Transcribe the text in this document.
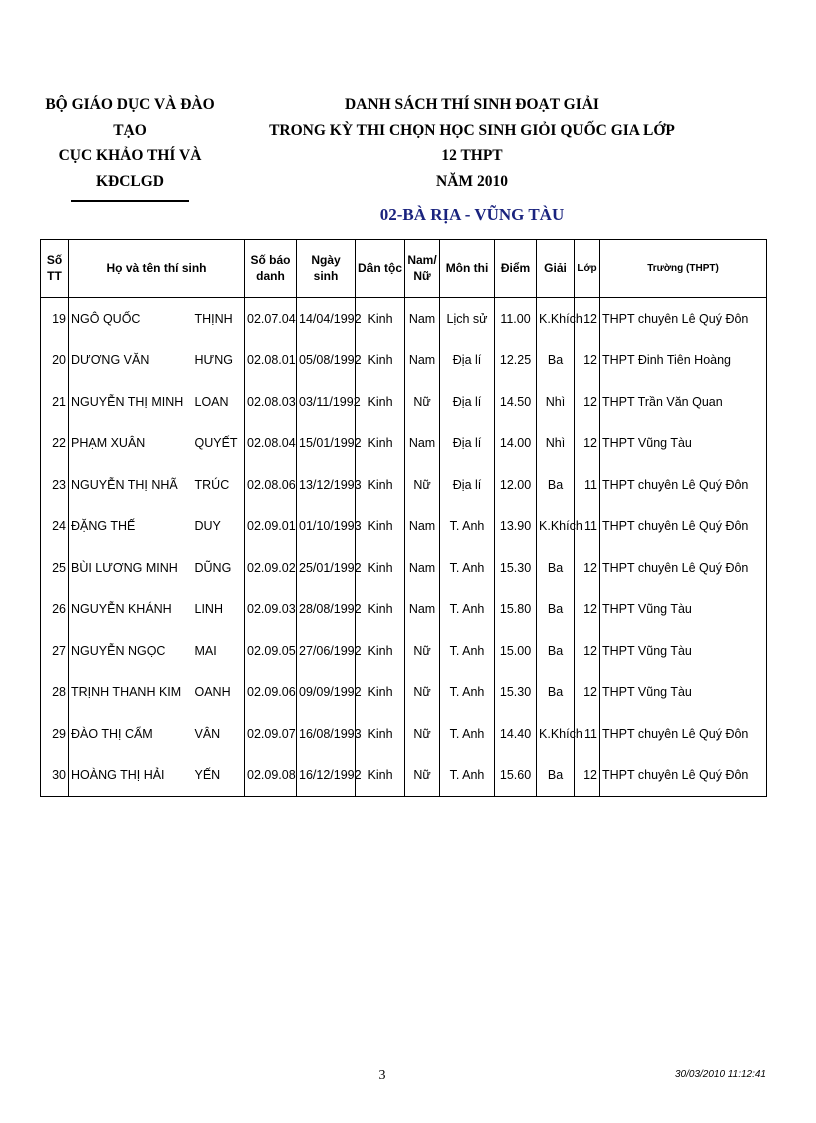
BỘ GIÁO DỤC VÀ ĐÀO TẠO
CỤC KHẢO THÍ VÀ KĐCLGD
DANH SÁCH THÍ SINH ĐOẠT GIẢI
TRONG KỲ THI CHỌN HỌC SINH GIỎI QUỐC GIA LỚP 12 THPT
NĂM 2010
02-BÀ RỊA - VŨNG TÀU
Số TT	Họ và tên thí sinh		Số báo danh	Ngày sinh	Dân tộc	Nam/ Nữ	Môn thi	Điểm	Giải	Lớp	Trường (THPT)
19	NGÔ QUỐC	THỊNH	02.07.04	14/04/1992	Kinh	Nam	Lịch sử	11.00	K.Khích	12	THPT chuyên Lê Quý Đôn
20	DƯƠNG VĂN	HƯNG	02.08.01	05/08/1992	Kinh	Nam	Địa lí	12.25	Ba	12	THPT Đinh Tiên Hoàng
21	NGUYỄN THỊ MINH	LOAN	02.08.03	03/11/1992	Kinh	Nữ	Địa lí	14.50	Nhì	12	THPT Trần Văn Quan
22	PHẠM XUÂN	QUYẾT	02.08.04	15/01/1992	Kinh	Nam	Địa lí	14.00	Nhì	12	THPT Vũng Tàu
23	NGUYỄN THỊ NHÃ	TRÚC	02.08.06	13/12/1993	Kinh	Nữ	Địa lí	12.00	Ba	11	THPT chuyên Lê Quý Đôn
24	ĐẶNG THẾ	DUY	02.09.01	01/10/1993	Kinh	Nam	T. Anh	13.90	K.Khích	11	THPT chuyên Lê Quý Đôn
25	BÙI LƯƠNG MINH	DŨNG	02.09.02	25/01/1992	Kinh	Nam	T. Anh	15.30	Ba	12	THPT chuyên Lê Quý Đôn
26	NGUYỄN KHÁNH	LINH	02.09.03	28/08/1992	Kinh	Nam	T. Anh	15.80	Ba	12	THPT Vũng Tàu
27	NGUYỄN NGỌC	MAI	02.09.05	27/06/1992	Kinh	Nữ	T. Anh	15.00	Ba	12	THPT Vũng Tàu
28	TRỊNH THANH KIM	OANH	02.09.06	09/09/1992	Kinh	Nữ	T. Anh	15.30	Ba	12	THPT Vũng Tàu
29	ĐÀO THỊ CẨM	VÂN	02.09.07	16/08/1993	Kinh	Nữ	T. Anh	14.40	K.Khích	11	THPT chuyên Lê Quý Đôn
30	HOÀNG THỊ HẢI	YẾN	02.09.08	16/12/1992	Kinh	Nữ	T. Anh	15.60	Ba	12	THPT chuyên Lê Quý Đôn
3	30/03/2010 11:12:41
